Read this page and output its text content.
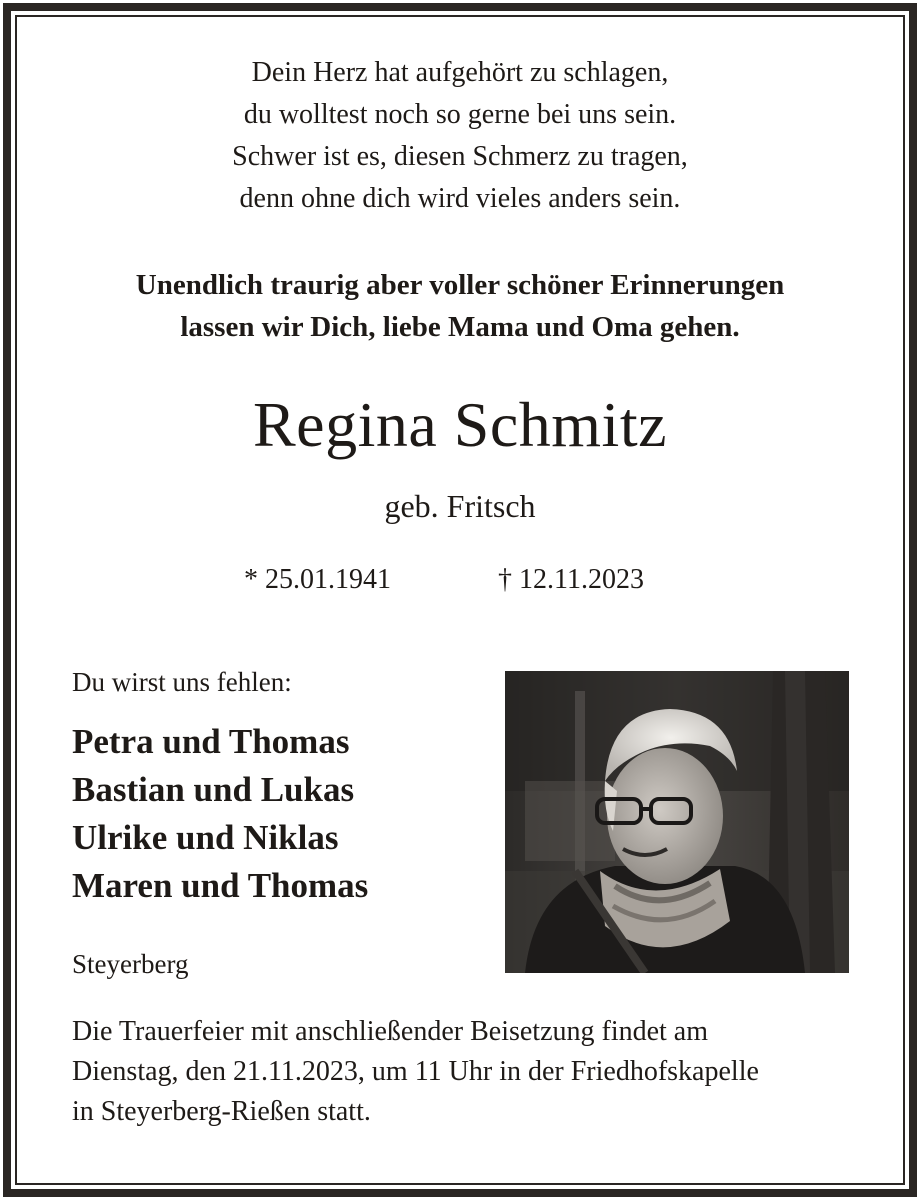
Dein Herz hat aufgehört zu schlagen,
du wolltest noch so gerne bei uns sein.
Schwer ist es, diesen Schmerz zu tragen,
denn ohne dich wird vieles anders sein.
Unendlich traurig aber voller schöner Erinnerungen
lassen wir Dich, liebe Mama und Oma gehen.
Regina Schmitz
geb. Fritsch
* 25.01.1941	† 12.11.2023
Du wirst uns fehlen:
Petra und Thomas
Bastian und Lukas
Ulrike und Niklas
Maren und Thomas
Steyerberg
Die Trauerfeier mit anschließender Beisetzung findet am
Dienstag, den 21.11.2023, um 11 Uhr in der Friedhofskapelle
in Steyerberg-Rießen statt.
